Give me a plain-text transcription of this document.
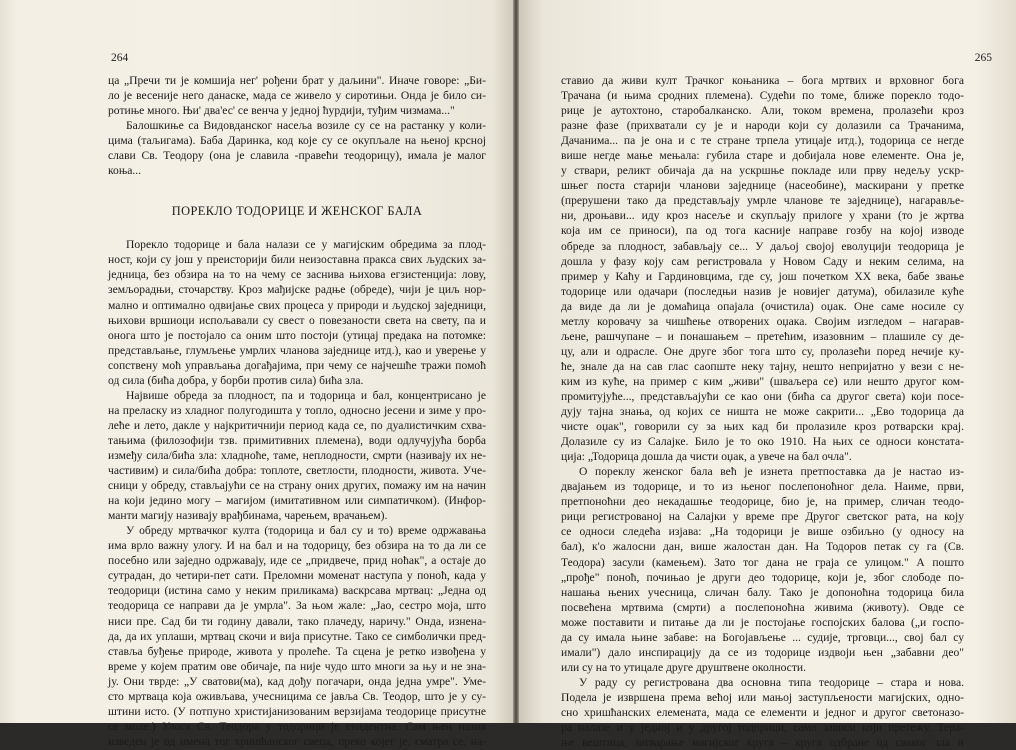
264
ца „Пречи ти је комшија нег' рођени брат у даљини". Иначе говоре: „Би-
ло је весеније него данаске, мада се живело у сиротињи. Онда је било си-
ротиње много. Њи' два'ес' се венча у једној ћурдији, туђим чизмама..."
Балошкиње са Видовданског насеља возиле су се на растанку у коли-
цима (таљигама). Баба Даринка, код које су се окупљале на њеној крсној
слави Св. Теодору (она је славила -правећи теодорицу), имала је малог
коња...
ПОРЕКЛО ТОДОРИЦЕ И ЖЕНСКОГ БАЛА
Порекло тодорице и бала налази се у магијским обредима за плод-
ност, који су још у преисторији били неизоставна пракса свих људских за-
једница, без обзира на то на чему се заснива њихова егзистенција: лову,
земљорадњи, сточарству. Кроз мађијске радње (обреде), чији је циљ нор-
мално и оптимално одвијање свих процеса у природи и људској заједници,
њихови вршиоци испољавали су свест о повезаности света на свету, па и
онога што је постојало са оним што постоји (утицај предака на потомке:
представљање, глумљење умрлих чланова заједнице итд.), као и уверење у
сопствену моћ управљања догађајима, при чему се најчешће тражи помоћ
од сила (бића добра, у борби против сила) бића зла.
Највише обреда за плодност, па и тодорица и бал, концентрисано је
на преласку из хладног полугодишта у топло, односно јесени и зиме у про-
леће и лето, дакле у најкритичнији период када се, по дуалистичким схва-
тањима (филозофији тзв. примитивних племена), води одлучујућа борба
између сила/бића зла: хладноће, таме, неплодности, смрти (називају их не-
частивим) и сила/бића добра: топлоте, светлости, плодности, живота. Уче-
сници у обреду, стављајући се на страну оних других, помажу им на начин
на који једино могу – магијом (имитативном или симпатичком). (Инфор-
манти магију називају врађбинама, чарењем, врачањем).
У обреду мртвачког култа (тодорица и бал су и то) време одржавања
има врло важну улогу. И на бал и на тодорицу, без обзира на то да ли се
посебно или заједно одржавају, иде се „придвече, прид ноћак", а остаје до
сутрадан, до четири-пет сати. Преломни моменат наступа у поноћ, када у
теодорици (истина само у неким приликама) васкрсава мртвац: „Једна од
теодорица се направи да је умрла". За њом жале: „Јао, сестро моја, што
ниси пре. Сад би ти годину давали, тако плачеду, наричу." Онда, изнена-
да, да их уплаши, мртвац скочи и вија присутне. Тако се симболички пред-
ставља буђење природе, живота у пролеће. Та сцена је ретко извођена у
време у којем пратим ове обичаје, па није чудо што многи за њу и не зна-
ју. Они тврде: „У сватови(ма), кад дођу погачари, онда једна умре". Уме-
сто мртваца која оживљава, учесницима се јавља Св. Теодор, што је у су-
штини исто. (У потпуно христијанизованим верзијама теодорице присутне
се моле.) Улога Св. Теодора у тодорици је евидентна. Сам њен назив
изведен је од имена тог хришћанског свеца, преко којег је, сматра се, на-
265
ставио да живи култ Трачког коњаника – бога мртвих и врховног бога
Трачана (и њима сродних племена). Судећи по томе, ближе порекло тодо-
рице је аутохтоно, старобалканско. Али, током времена, пролазећи кроз
разне фазе (прихватали су је и народи који су долазили са Трачанима,
Дачанима... па је она и с те стране трпела утицаје итд.), тодорица се негде
више негде мање мењала: губила старе и добијала нове елементе. Она је,
у ствари, реликт обичаја да на ускршње покладе или прву недељу ускр-
шњег поста старији чланови заједнице (насеобине), маскирани у претке
(прерушени тако да представљају умрле чланове те заједнице), нагаравље-
ни, дроњави... иду кроз насеље и скупљају прилоге у храни (то је жртва
која им се приноси), па од тога касније направе гозбу на којој изводе
обреде за плодност, забављају се... У даљој својој еволуцији теодорица је
дошла у фазу коју сам регистровала у Новом Саду и неким селима, на
пример у Каћу и Гардиновцима, где су, још почетком XX века, бабе звање
тодорице или одачари (последњи назив је новијег датума), обилазиле куће
да виде да ли је домаћица опајала (очистила) оџак. Оне саме носиле су
метлу коровачу за чишћење отворених оџака. Својим изгледом – нагарав-
љене, рашчупане – и понашањем – претећим, изазовним – плашиле су де-
цу, али и одрасле. Оне друге због тога што су, пролазећи поред нечије ку-
ће, знале да на сав глас саопште неку тајну, нешто непријатно у вези с не-
ким из куће, на пример с ким „живи" (шваљера се) или нешто другог ком-
промитујуће..., представљајући се као они (бића са другог света) који посе-
дују тајна знања, од којих се ништа не може сакрити... „Ево тодорица да
чисте оџак", говорили су за њих кад би пролазиле кроз ротварски крај.
Долазиле су из Салајке. Било је то око 1910. На њих се односи констата-
ција: „Тодорица дошла да чисти оџак, а увече на бал очла".
О пореклу женског бала већ је изнета претпоставка да је настао из-
двајањем из тодорице, и то из њеног послепоноћног дела. Наиме, први,
претпоноћни део некадашње теодорице, био је, на пример, сличан теодо-
рици регистрованој на Салајки у време пре Другог светског рата, на коју
се односи следећа изјава: „На тодорици је више озбиљно (у односу на
бал), к'о жалосни дан, више жалостан дан. На Тодоров петак су га (Св.
Теодора) засули (камењем). Зато тог дана не граја се улицом." А пошто
„прође" поноћ, почињао је други део тодорице, који је, због слободе по-
нашања њених учесница, сличан балу. Тако је допоноћна тодорица била
посвећена мртвима (смрти) а послепоноћна живима (животу). Овде се
може поставити и питање да ли је постојање госпојских балова („и госпо-
да су имала њине забаве: на Богојављење ... судије, трговци..., свој бал су
имали") дало инспирацију да се из тодорице издвоји њен „забавни део"
или су на то утицале друге друштвене околности.
У раду су регистрована два основна типа теодорице – стара и нова.
Подела је извршена према већој или мањој заступљености магијских, одно-
сно хришћанских елемената, мада се елементи и једног и другог светоназо-
ра налазе и у једној и у другој тодорици, само зависи који претежу. Тера-
ње вештица, затварање магијског круга – круга одбране од сваког зла и
